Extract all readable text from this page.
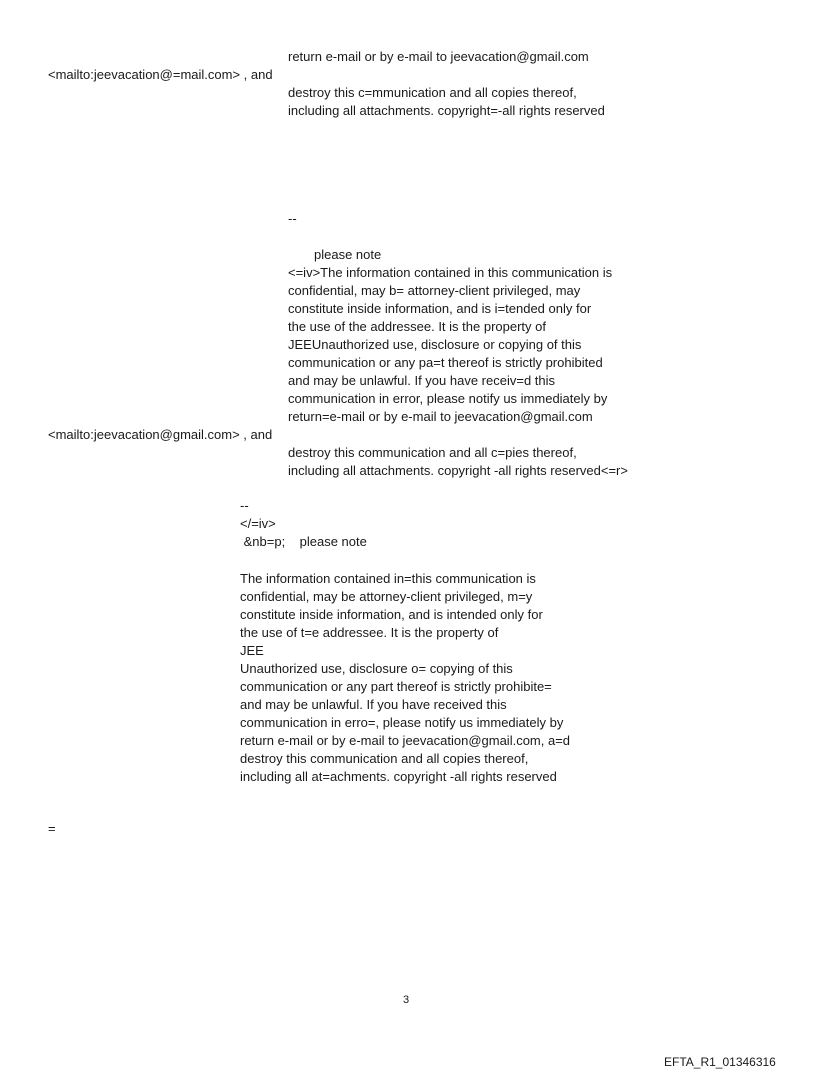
return e-mail or by e-mail to jeevacation@gmail.com
<mailto:jeevacation@=mail.com> , and
destroy this c=mmunication and all copies thereof,
including all attachments. copyright=-all rights reserved
--
please note
<=iv>The information contained in this communication is
confidential, may b= attorney-client privileged, may
constitute inside information, and is i=tended only for
the use of the addressee. It is the property of
JEEUnauthorized use, disclosure or copying of this
communication or any pa=t thereof is strictly prohibited
and may be unlawful. If you have receiv=d this
communication in error, please notify us immediately by
return=e-mail or by e-mail to jeevacation@gmail.com
<mailto:jeevacation@gmail.com> , and
destroy this communication and all c=pies thereof,
including all attachments. copyright -all rights reserved<=r>
--
</=iv>
&nb=p;    please note
The information contained in=this communication is
confidential, may be attorney-client privileged, m=y
constitute inside information, and is intended only for
the use of t=e addressee. It is the property of
JEE
Unauthorized use, disclosure o= copying of this
communication or any part thereof is strictly prohibite=
and may be unlawful. If you have received this
communication in erro=, please notify us immediately by
return e-mail or by e-mail to jeevacation@gmail.com, a=d
destroy this communication and all copies thereof,
including all at=achments. copyright -all rights reserved
=
3
EFTA_R1_01346316
